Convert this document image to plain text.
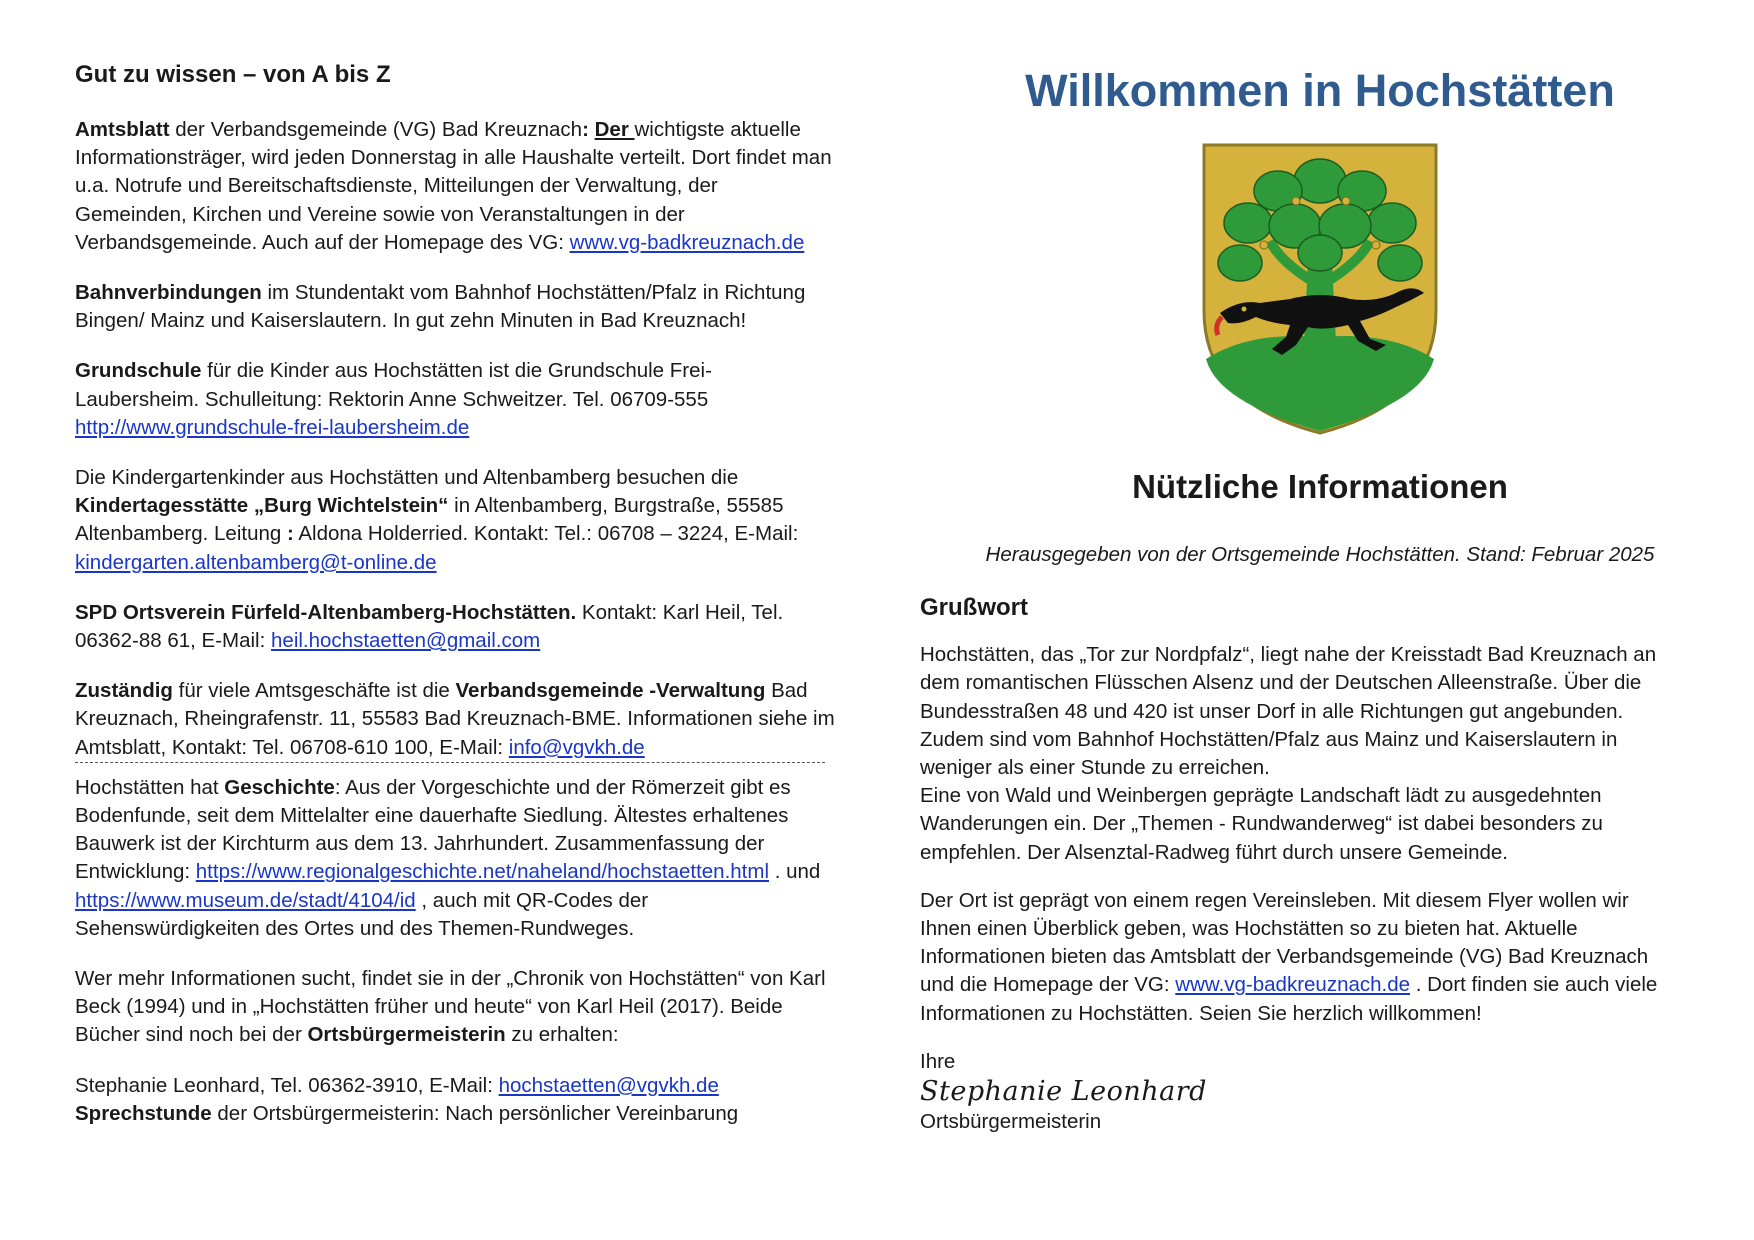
Gut zu wissen – von A bis Z

Amtsblatt der Verbandsgemeinde (VG) Bad Kreuznach: Der wichtigste aktuelle Informationsträger, wird jeden Donnerstag in alle Haushalte verteilt. Dort findet man u.a. Notrufe und Bereitschaftsdienste, Mitteilungen der Verwaltung, der Gemeinden, Kirchen und Vereine sowie von Veranstaltungen in der Verbandsgemeinde. Auch auf der Homepage des VG: www.vg-badkreuznach.de

Bahnverbindungen im Stundentakt vom Bahnhof Hochstätten/Pfalz in Richtung Bingen/ Mainz und Kaiserslautern. In gut zehn Minuten in Bad Kreuznach!

Grundschule für die Kinder aus Hochstätten ist die Grundschule Frei-Laubersheim. Schulleitung: Rektorin Anne Schweitzer. Tel. 06709-555 http://www.grundschule-frei-laubersheim.de

Die Kindergartenkinder aus Hochstätten und Altenbamberg besuchen die Kindertagesstätte „Burg Wichtelstein“ in Altenbamberg, Burgstraße, 55585 Altenbamberg. Leitung : Aldona Holderried. Kontakt: Tel.: 06708 – 3224, E-Mail: kindergarten.altenbamberg@t-online.de

SPD Ortsverein Fürfeld-Altenbamberg-Hochstätten. Kontakt: Karl Heil, Tel. 06362-88 61, E-Mail: heil.hochstaetten@gmail.com

Zuständig für viele Amtsgeschäfte ist die Verbandsgemeinde -Verwaltung Bad Kreuznach, Rheingrafenstr. 11, 55583 Bad Kreuznach-BME. Informationen siehe im Amtsblatt, Kontakt: Tel. 06708-610 100, E-Mail: info@vgvkh.de

Hochstätten hat Geschichte: Aus der Vorgeschichte und der Römerzeit gibt es Bodenfunde, seit dem Mittelalter eine dauerhafte Siedlung. Ältestes erhaltenes Bauwerk ist der Kirchturm aus dem 13. Jahrhundert. Zusammenfassung der Entwicklung: https://www.regionalgeschichte.net/naheland/hochstaetten.html . und https://www.museum.de/stadt/4104/id , auch mit QR-Codes der Sehenswürdigkeiten des Ortes und des Themen-Rundweges.

Wer mehr Informationen sucht, findet sie in der „Chronik von Hochstätten“ von Karl Beck (1994) und in „Hochstätten früher und heute“ von Karl Heil (2017). Beide Bücher sind noch bei der Ortsbürgermeisterin zu erhalten:

Stephanie Leonhard, Tel. 06362-3910, E-Mail: hochstaetten@vgvkh.de
Sprechstunde der Ortsbürgermeisterin: Nach persönlicher Vereinbarung

Willkommen in Hochstätten
Nützliche Informationen
Herausgegeben von der Ortsgemeinde Hochstätten. Stand: Februar 2025
Grußwort

Hochstätten, das „Tor zur Nordpfalz“, liegt nahe der Kreisstadt Bad Kreuznach an dem romantischen Flüsschen Alsenz und der Deutschen Alleenstraße. Über die Bundesstraßen 48 und 420 ist unser Dorf in alle Richtungen gut angebunden. Zudem sind vom Bahnhof Hochstätten/Pfalz aus Mainz und Kaiserslautern in weniger als einer Stunde zu erreichen.

Eine von Wald und Weinbergen geprägte Landschaft lädt zu ausgedehnten Wanderungen ein. Der „Themen - Rundwanderweg“ ist dabei besonders zu empfehlen. Der Alsenztal-Radweg führt durch unsere Gemeinde.

Der Ort ist geprägt von einem regen Vereinsleben. Mit diesem Flyer wollen wir Ihnen einen Überblick geben, was Hochstätten so zu bieten hat. Aktuelle Informationen bieten das Amtsblatt der Verbandsgemeinde (VG) Bad Kreuznach und die Homepage der VG: www.vg-badkreuznach.de . Dort finden sie auch viele Informationen zu Hochstätten. Seien Sie herzlich willkommen!

Ihre
Stephanie Leonhard
Ortsbürgermeisterin
